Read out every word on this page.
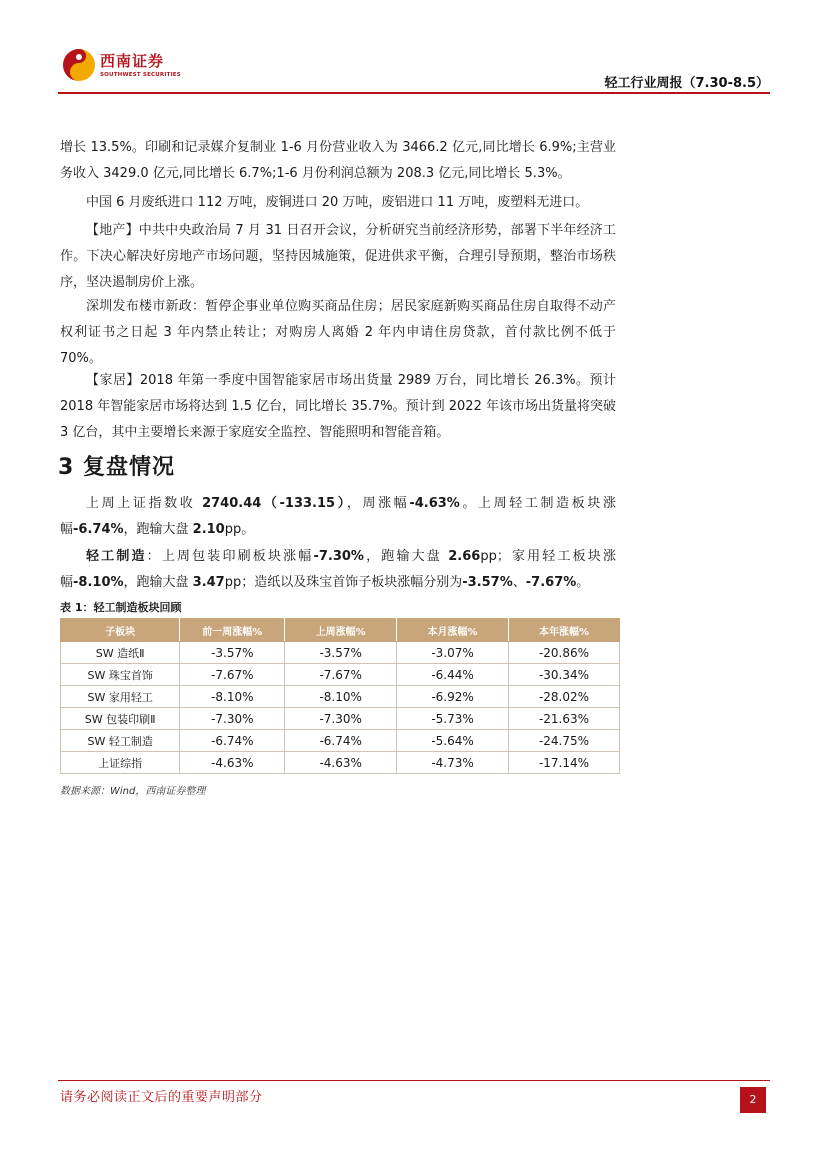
西南证券
SOUTHWEST SECURITIES
轻工行业周报（7.30-8.5）

增长 13.5%。印刷和记录媒介复制业 1-6 月份营业收入为 3466.2 亿元,同比增长 6.9%;主营业务收入 3429.0 亿元,同比增长 6.7%;1-6 月份利润总额为 208.3 亿元,同比增长 5.3%。

中国 6 月废纸进口 112 万吨，废铜进口 20 万吨，废铝进口 11 万吨，废塑料无进口。

【地产】中共中央政治局 7 月 31 日召开会议，分析研究当前经济形势，部署下半年经济工作。下决心解决好房地产市场问题，坚持因城施策，促进供求平衡，合理引导预期，整治市场秩序，坚决遏制房价上涨。

深圳发布楼市新政：暂停企事业单位购买商品住房；居民家庭新购买商品住房自取得不动产权利证书之日起 3 年内禁止转让；对购房人离婚 2 年内申请住房贷款，首付款比例不低于 70%。

【家居】2018 年第一季度中国智能家居市场出货量 2989 万台，同比增长 26.3%。预计 2018 年智能家居市场将达到 1.5 亿台，同比增长 35.7%。预计到 2022 年该市场出货量将突破 3 亿台，其中主要增长来源于家庭安全监控、智能照明和智能音箱。

3 复盘情况

上周上证指数收 2740.44（-133.15），周涨幅-4.63%。上周轻工制造板块涨幅-6.74%，跑输大盘 2.10pp。

轻工制造：上周包装印刷板块涨幅-7.30%，跑输大盘 2.66pp；家用轻工板块涨幅-8.10%，跑输大盘 3.47pp；造纸以及珠宝首饰子板块涨幅分别为-3.57%、-7.67%。

表 1：轻工制造板块回顾
子板块	前一周涨幅%	上周涨幅%	本月涨幅%	本年涨幅%
SW 造纸Ⅱ	-3.57%	-3.57%	-3.07%	-20.86%
SW 珠宝首饰	-7.67%	-7.67%	-6.44%	-30.34%
SW 家用轻工	-8.10%	-8.10%	-6.92%	-28.02%
SW 包装印刷Ⅱ	-7.30%	-7.30%	-5.73%	-21.63%
SW 轻工制造	-6.74%	-6.74%	-5.64%	-24.75%
上证综指	-4.63%	-4.63%	-4.73%	-17.14%
数据来源：Wind，西南证券整理
请务必阅读正文后的重要声明部分	2
